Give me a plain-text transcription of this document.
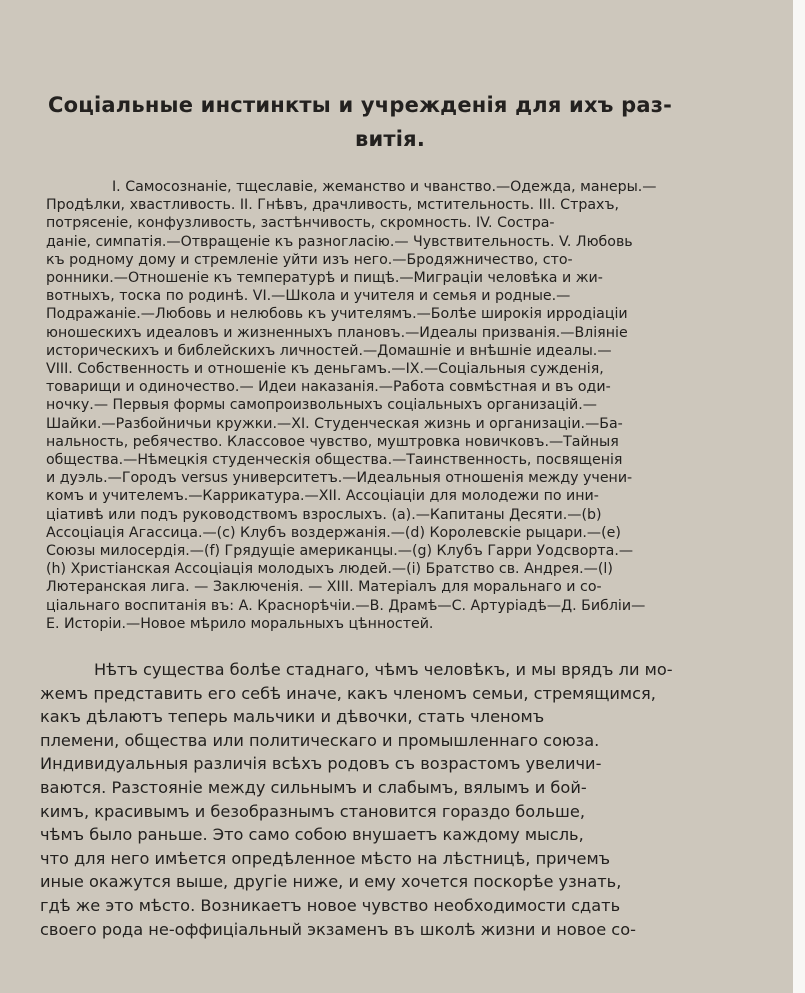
Соціальные инстинкты и учрежденія для ихъ раз-
витія.
I. Самосознаніе, тщеславіе, жеманство и чванство.—Одежда, манеры.—
Продѣлки, хвастливость. II. Гнѣвъ, драчливость, мстительность. III. Страхъ,
потрясеніе, конфузливость, застѣнчивость, скромность. IV. Состра-
даніе, симпатія.—Отвращеніе къ разногласію.— Чувствительность. V. Любовь
къ родному дому и стремленіе уйти изъ него.—Бродяжничество, сто-
ронники.—Отношеніе къ температурѣ и пищѣ.—Миграціи человѣка и жи-
вотныхъ, тоска по родинѣ. VI.—Школа и учителя и семья и родные.—
Подражаніе.—Любовь и нелюбовь къ учителямъ.—Болѣе широкія ирродіаціи
юношескихъ идеаловъ и жизненныхъ плановъ.—Идеалы призванія.—Вліяніе
историческихъ и библейскихъ личностей.—Домашніе и внѣшніе идеалы.—
VIII. Собственность и отношеніе къ деньгамъ.—IX.—Соціальныя сужденія,
товарищи и одиночество.— Идеи наказанія.—Работа совмѣстная и въ оди-
ночку.— Первыя формы самопроизвольныхъ соціальныхъ организацій.—
Шайки.—Разбойничьи кружки.—XI. Студенческая жизнь и организаціи.—Ба-
нальность, ребячество. Классовое чувство, муштровка новичковъ.—Тайныя
общества.—Нѣмецкія студенческія общества.—Таинственность, посвященія
и дуэль.—Городъ versus университетъ.—Идеальныя отношенія между учени-
комъ и учителемъ.—Каррикатура.—XII. Ассоціаціи для молодежи по ини-
ціативѣ или подъ руководствомъ взрослыхъ. (a).—Капитаны Десяти.—(b)
Ассоціація Агассица.—(c) Клубъ воздержанія.—(d) Королевскіе рыцари.—(e)
Союзы милосердія.—(f) Грядущіе американцы.—(g) Клубъ Гарри Уодсворта.—
(h) Христіанская Ассоціація молодыхъ людей.—(i) Братство св. Андрея.—(l)
Лютеранская лига. — Заключенія. — XIII. Матеріалъ для моральнаго и со-
ціальнаго воспитанія въ: А. Краснорѣчіи.—В. Драмѣ—С. Артуріадѣ—Д. Библіи—
Е. Исторіи.—Новое мѣрило моральныхъ цѣнностей.
Нѣтъ существа болѣе стаднаго, чѣмъ человѣкъ, и мы врядъ ли мо-
жемъ представить его себѣ иначе, какъ членомъ семьи, стремящимся,
какъ дѣлаютъ теперь мальчики и дѣвочки, стать членомъ
племени, общества или политическаго и промышленнаго союза.
Индивидуальныя различія всѣхъ родовъ съ возрастомъ увеличи-
ваются. Разстояніе между сильнымъ и слабымъ, вялымъ и бой-
кимъ, красивымъ и безобразнымъ становится гораздо больше,
чѣмъ было раньше. Это само собою внушаетъ каждому мысль,
что для него имѣется опредѣленное мѣсто на лѣстницѣ, причемъ
иные окажутся выше, другіе ниже, и ему хочется поскорѣе узнать,
гдѣ же это мѣсто. Возникаетъ новое чувство необходимости сдать
своего рода не-оффиціальный экзаменъ въ школѣ жизни и новое со-
